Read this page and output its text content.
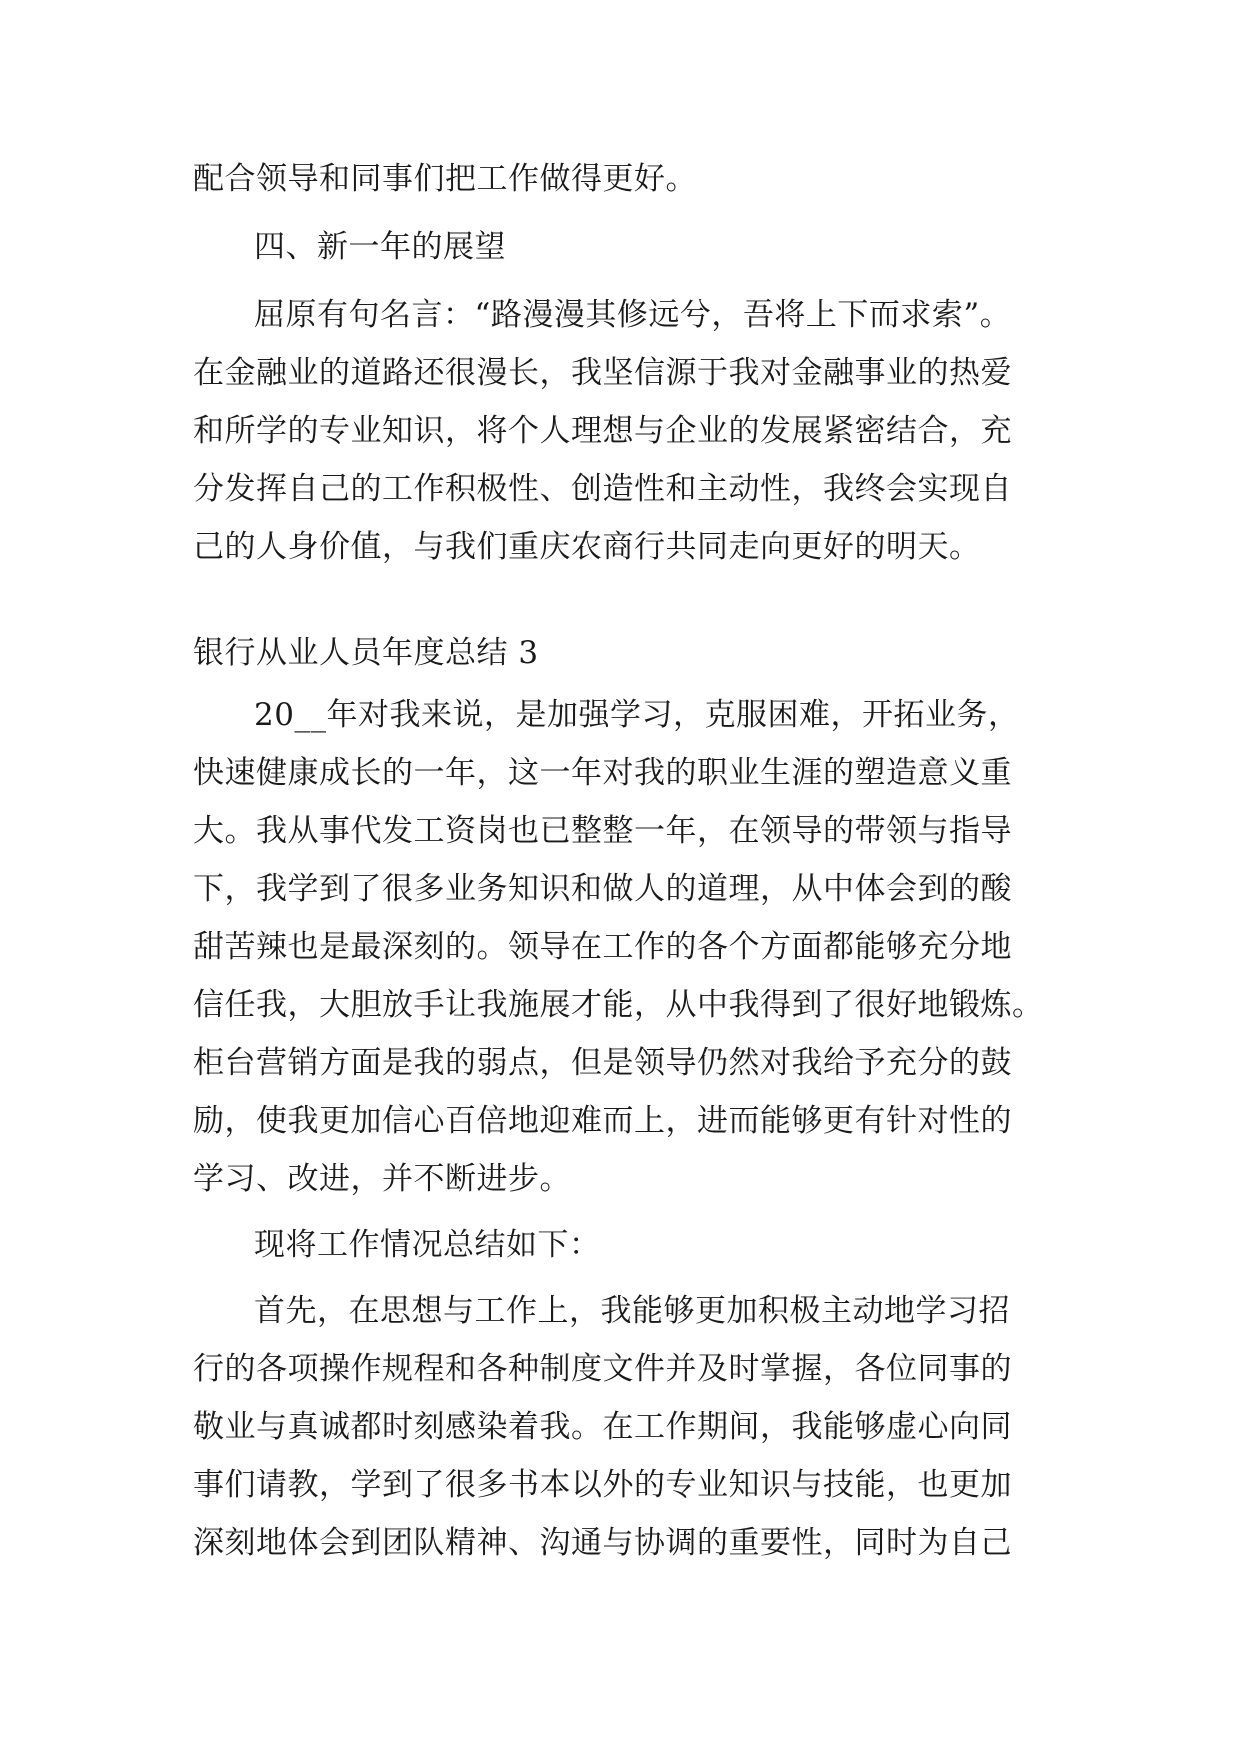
配合领导和同事们把工作做得更好。
四、新一年的展望
屈原有句名言：“路漫漫其修远兮，吾将上下而求索”。
在金融业的道路还很漫长，我坚信源于我对金融事业的热爱
和所学的专业知识，将个人理想与企业的发展紧密结合，充
分发挥自己的工作积极性、创造性和主动性，我终会实现自
己的人身价值，与我们重庆农商行共同走向更好的明天。
银行从业人员年度总结 3
20__年对我来说，是加强学习，克服困难，开拓业务，
快速健康成长的一年，这一年对我的职业生涯的塑造意义重
大。我从事代发工资岗也已整整一年，在领导的带领与指导
下，我学到了很多业务知识和做人的道理，从中体会到的酸
甜苦辣也是最深刻的。领导在工作的各个方面都能够充分地
信任我，大胆放手让我施展才能，从中我得到了很好地锻炼。
柜台营销方面是我的弱点，但是领导仍然对我给予充分的鼓
励，使我更加信心百倍地迎难而上，进而能够更有针对性的
学习、改进，并不断进步。
现将工作情况总结如下：
首先，在思想与工作上，我能够更加积极主动地学习招
行的各项操作规程和各种制度文件并及时掌握，各位同事的
敬业与真诚都时刻感染着我。在工作期间，我能够虚心向同
事们请教，学到了很多书本以外的专业知识与技能，也更加
深刻地体会到团队精神、沟通与协调的重要性，同时为自己
